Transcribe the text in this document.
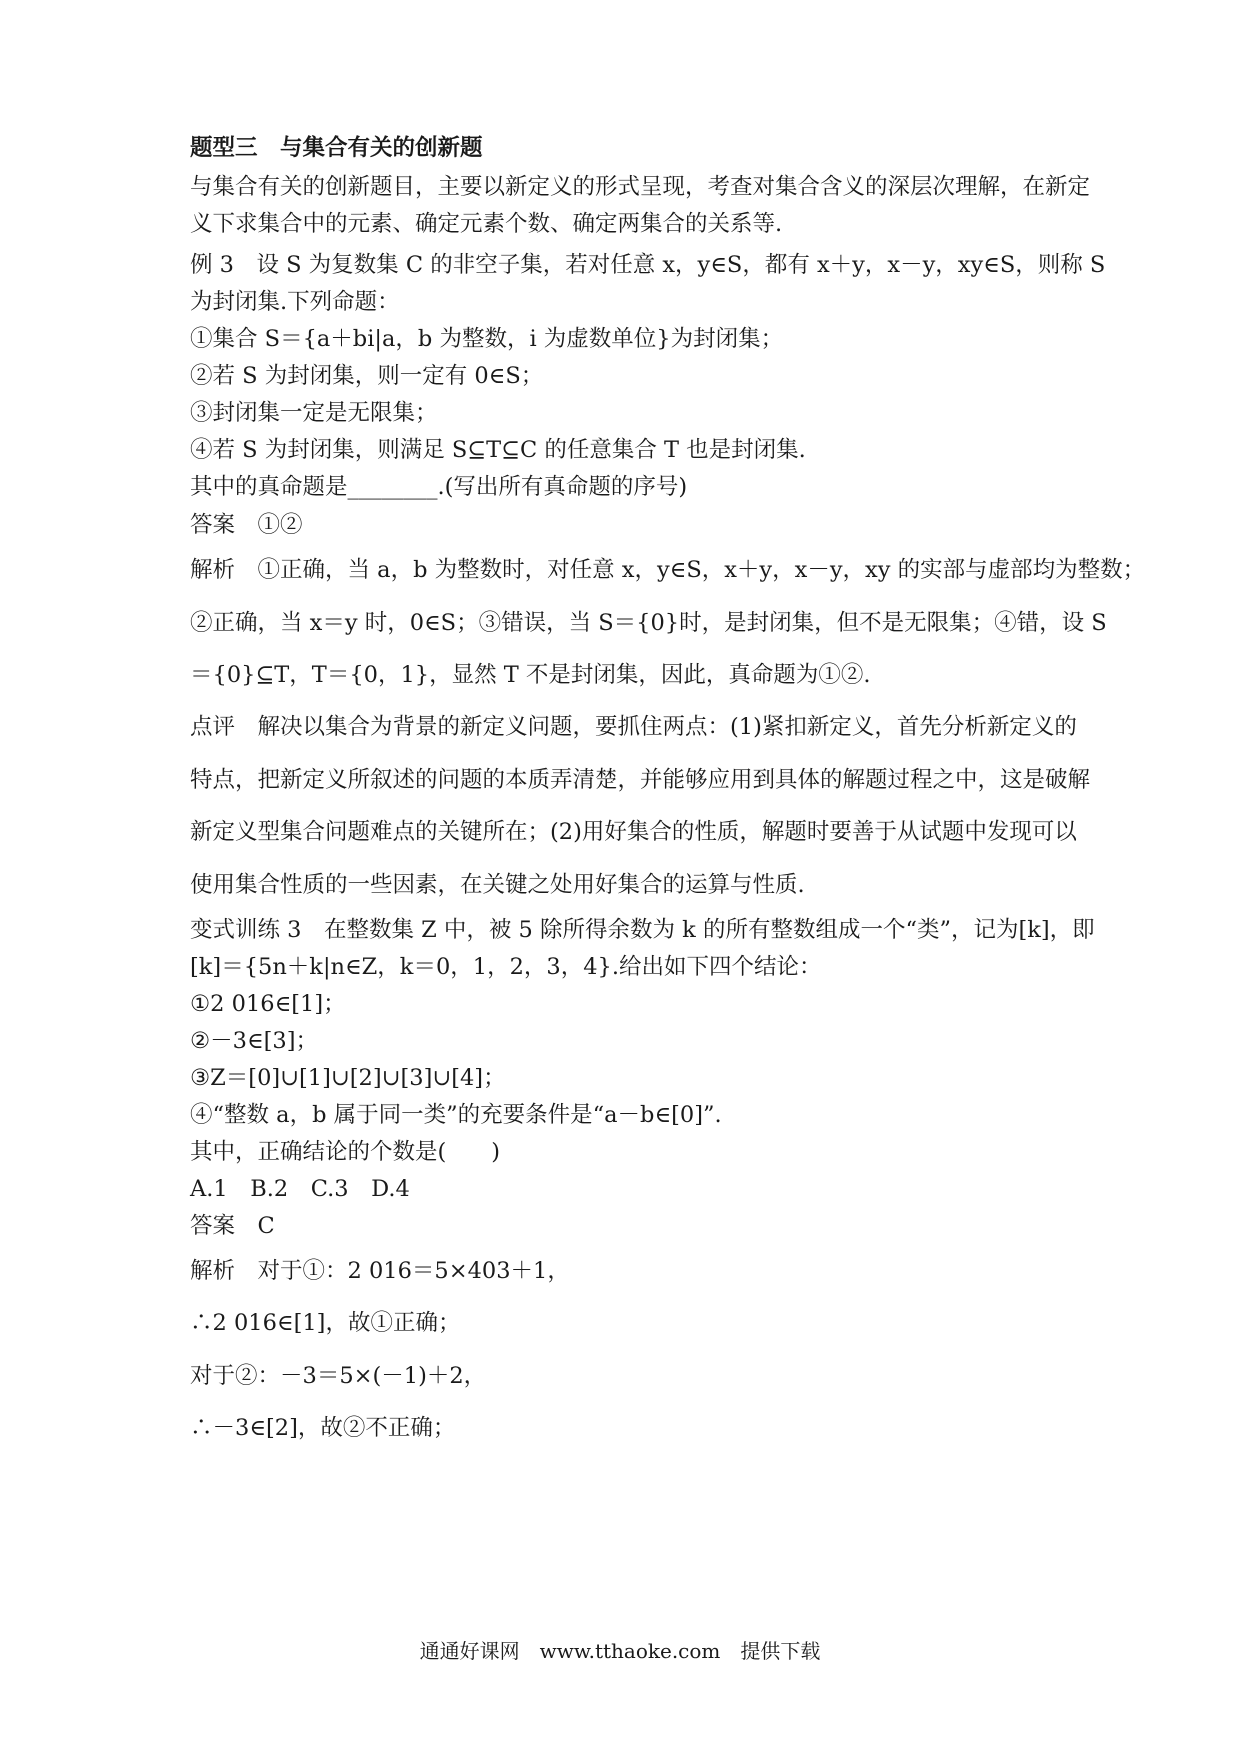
题型三　与集合有关的创新题
与集合有关的创新题目，主要以新定义的形式呈现，考查对集合含义的深层次理解，在新定
义下求集合中的元素、确定元素个数、确定两集合的关系等.
例 3　设 S 为复数集 C 的非空子集，若对任意 x，y∈S，都有 x＋y，x－y，xy∈S，则称 S
为封闭集.下列命题：
①集合 S＝{a＋bi|a，b 为整数，i 为虚数单位}为封闭集；
②若 S 为封闭集，则一定有 0∈S；
③封闭集一定是无限集；
④若 S 为封闭集，则满足 S⊆T⊆C 的任意集合 T 也是封闭集.
其中的真命题是________.(写出所有真命题的序号)
答案　①②
解析　①正确，当 a，b 为整数时，对任意 x，y∈S，x＋y，x－y，xy 的实部与虚部均为整数；
②正确，当 x＝y 时，0∈S；③错误，当 S＝{0}时，是封闭集，但不是无限集；④错，设 S
＝{0}⊆T，T＝{0，1}，显然 T 不是封闭集，因此，真命题为①②.
点评　解决以集合为背景的新定义问题，要抓住两点：(1)紧扣新定义，首先分析新定义的
特点，把新定义所叙述的问题的本质弄清楚，并能够应用到具体的解题过程之中，这是破解
新定义型集合问题难点的关键所在；(2)用好集合的性质，解题时要善于从试题中发现可以
使用集合性质的一些因素，在关键之处用好集合的运算与性质.
变式训练 3　在整数集 Z 中，被 5 除所得余数为 k 的所有整数组成一个“类”，记为[k]，即
[k]＝{5n＋k|n∈Z，k＝0，1，2，3，4}.给出如下四个结论：
①2 016∈[1]；
②－3∈[3]；
③Z＝[0]∪[1]∪[2]∪[3]∪[4]；
④“整数 a，b 属于同一类”的充要条件是“a－b∈[0]”.
其中，正确结论的个数是(　　)
A.1　B.2　C.3　D.4
答案　C
解析　对于①：2 016＝5×403＋1，
∴2 016∈[1]，故①正确；
对于②：－3＝5×(－1)＋2，
∴－3∈[2]，故②不正确；
通通好课网　www.tthaoke.com　提供下载
